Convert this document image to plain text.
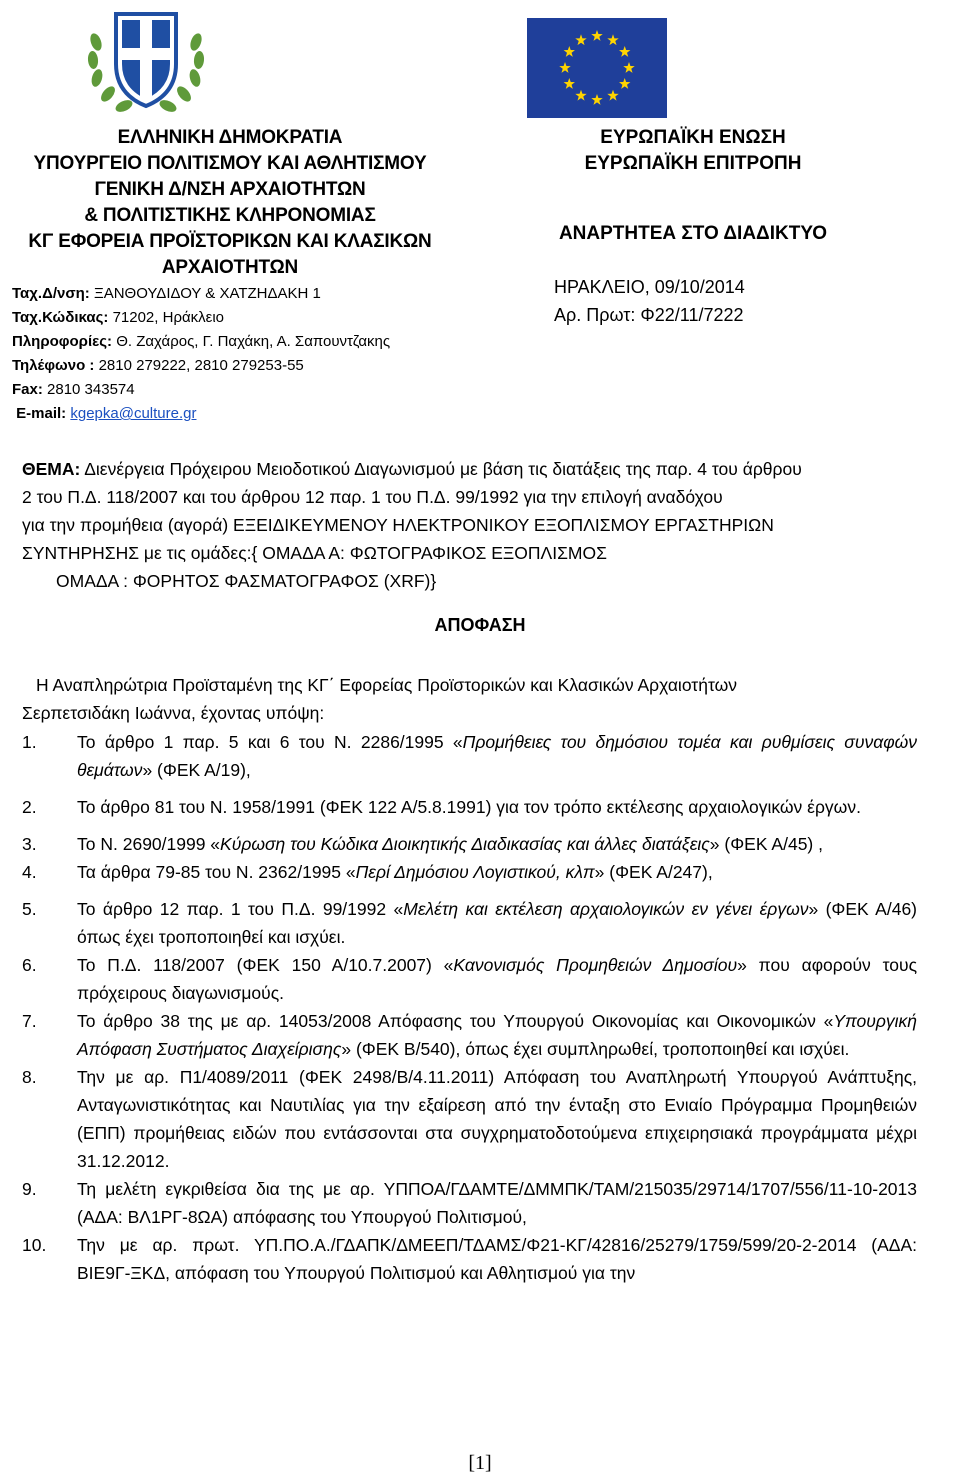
ΕΛΛΗΝΙΚΗ ΔΗΜΟΚΡΑΤΙΑ
ΥΠΟΥΡΓΕΙΟ ΠΟΛΙΤΙΣΜΟΥ ΚΑΙ ΑΘΛΗΤΙΣΜΟΥ
ΓΕΝΙΚΗ Δ/ΝΣΗ ΑΡΧΑΙΟΤΗΤΩΝ
& ΠΟΛΙΤΙΣΤΙΚΗΣ ΚΛΗΡΟΝΟΜΙΑΣ
ΚΓ ΕΦΟΡΕΙΑ ΠΡΟΪΣΤΟΡΙΚΩΝ ΚΑΙ ΚΛΑΣΙΚΩΝ
ΑΡΧΑΙΟΤΗΤΩΝ
Ταχ.Δ/νση: ΞΑΝΘΟΥΔΙΔΟΥ & ΧΑΤΖΗΔΑΚΗ 1
Ταχ.Κώδικας: 71202, Ηράκλειο
Πληροφορίες: Θ. Ζαχάρος, Γ. Παχάκη, Α. Σαπουντζακης
Τηλέφωνο : 2810 279222, 2810 279253-55
Fax: 2810 343574
E-mail: kgepka@culture.gr
ΕΥΡΩΠΑΪΚΗ ΕΝΩΣΗ
ΕΥΡΩΠΑΪΚΗ ΕΠΙΤΡΟΠΗ
ΑΝΑΡΤΗΤΕΑ ΣΤΟ ΔΙΑΔΙΚΤΥΟ
ΗΡΑΚΛΕΙΟ, 09/10/2014
Αρ. Πρωτ: Φ22/11/7222
ΘΕΜΑ: Διενέργεια Πρόχειρου Μειοδοτικού Διαγωνισμού με βάση τις διατάξεις της παρ. 4 του άρθρου
2 του Π.Δ. 118/2007 και του άρθρου 12 παρ. 1 του Π.Δ. 99/1992 για την επιλογή αναδόχου
για την προμήθεια (αγορά) ΕΞΕΙΔΙΚΕΥΜΕΝΟΥ ΗΛΕΚΤΡΟΝΙΚΟΥ ΕΞΟΠΛΙΣΜΟΥ ΕΡΓΑΣΤΗΡΙΩΝ
ΣΥΝΤΗΡΗΣΗΣ με τις ομάδες:{ ΟΜΑΔΑ Α: ΦΩΤΟΓΡΑΦΙΚΟΣ ΕΞΟΠΛΙΣΜΟΣ
ΟΜΑΔΑ : ΦΟΡΗΤΟΣ ΦΑΣΜΑΤΟΓΡΑΦΟΣ (XRF)}
ΑΠΟΦΑΣΗ
Η Αναπληρώτρια Προϊσταμένη της ΚΓ΄ Εφορείας Προϊστορικών και Κλασικών Αρχαιοτήτων
Σερπετσιδάκη Ιωάννα, έχοντας υπόψη:
1.	Το άρθρο 1 παρ. 5 και 6 του Ν. 2286/1995 «Προμήθειες του δημόσιου τομέα και ρυθμίσεις συναφών θεμάτων» (ΦΕΚ Α/19),
2.	Το άρθρο 81 του Ν. 1958/1991 (ΦΕΚ 122 Α/5.8.1991) για τον τρόπο εκτέλεσης αρχαιολογικών έργων.
3.	Το Ν. 2690/1999 «Κύρωση του Κώδικα Διοικητικής Διαδικασίας και άλλες διατάξεις» (ΦΕΚ Α/45) ,
4.	Τα άρθρα 79-85 του Ν. 2362/1995 «Περί Δημόσιου Λογιστικού, κλπ» (ΦΕΚ Α/247),
5.	Το άρθρο 12 παρ. 1 του Π.Δ. 99/1992 «Μελέτη και εκτέλεση αρχαιολογικών εν γένει έργων» (ΦΕΚ Α/46) όπως έχει τροποποιηθεί και ισχύει.
6.	Το Π.Δ. 118/2007 (ΦΕΚ 150 Α/10.7.2007) «Κανονισμός Προμηθειών Δημοσίου» που αφορούν τους πρόχειρους διαγωνισμούς.
7.	Το άρθρο 38 της με αρ. 14053/2008 Απόφασης του Υπουργού Οικονομίας και Οικονομικών «Υπουργική Απόφαση Συστήματος Διαχείρισης» (ΦΕΚ Β/540), όπως έχει συμπληρωθεί, τροποποιηθεί και ισχύει.
8.	Την με αρ. Π1/4089/2011 (ΦΕΚ 2498/Β/4.11.2011) Απόφαση του Αναπληρωτή Υπουργού Ανάπτυξης, Ανταγωνιστικότητας και Ναυτιλίας για την εξαίρεση από την ένταξη στο Ενιαίο Πρόγραμμα Προμηθειών (ΕΠΠ) προμήθειας ειδών που εντάσσονται στα συγχρηματοδοτούμενα επιχειρησιακά προγράμματα μέχρι 31.12.2012.
9.	Τη μελέτη εγκριθείσα δια της με αρ. ΥΠΠΟΑ/ΓΔΑΜΤΕ/ΔΜΜΠΚ/ΤΑΜ/215035/29714/1707/556/11-10-2013 (ΑΔΑ: ΒΛ1ΡΓ-8ΩΑ) απόφασης του Υπουργού Πολιτισμού,
10.	Την με αρ. πρωτ. ΥΠ.ΠΟ.Α./ΓΔΑΠΚ/ΔΜΕΕΠ/ΤΔΑΜΣ/Φ21-ΚΓ/42816/25279/1759/599/20-2-2014 (ΑΔΑ: ΒΙΕ9Γ-ΞΚΔ, απόφαση του Υπουργού Πολιτισμού και Αθλητισμού για την
[1]
